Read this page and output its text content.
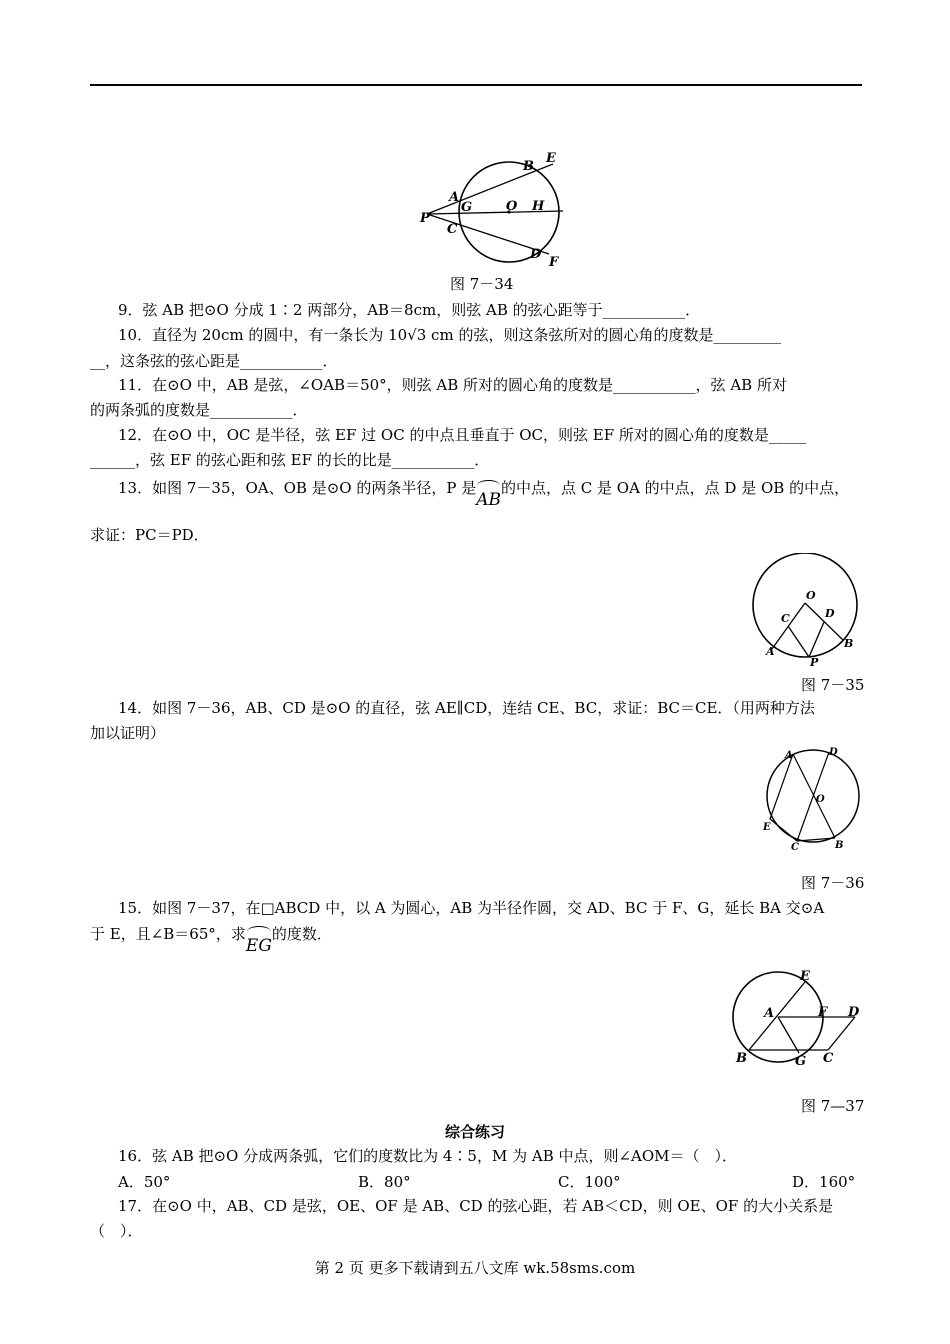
A
B
E
G	O H
P
C
D
F
图 7－34
9．弦 AB 把⊙O 分成 1∶2 两部分，AB＝8cm，则弦 AB 的弦心距等于___________．
10．直径为 20cm 的圆中，有一条长为 10√3 cm 的弦，则这条弦所对的圆心角的度数是_________
__，这条弦的弦心距是___________．
11．在⊙O 中，AB 是弦，∠OAB＝50°，则弦 AB 所对的圆心角的度数是___________，弦 AB 所对
的两条弧的度数是___________．
12．在⊙O 中，OC 是半径，弦 EF 过 OC 的中点且垂直于 OC，则弦 EF 所对的圆心角的度数是_____
______，弦 EF 的弦心距和弦 EF 的长的比是___________．
13．如图 7－35，OA、OB 是⊙O 的两条半径，P 是AB的中点，点 C 是 OA 的中点，点 D 是 OB 的中点，
求证：PC＝PD．
O
C	D
A
B
P
图 7－35
14．如图 7－36，AB、CD 是⊙O 的直径，弦 AE∥CD，连结 CE、BC，求证：BC＝CE．（用两种方法
加以证明）
A	D
O
E
C	B
图 7－36
15．如图 7－37，在□ABCD 中，以 A 为圆心，AB 为半径作圆，交 AD、BC 于 F、G，延长 BA 交⊙A
于 E，且∠B＝65°，求EG的度数．
E
A	F D
B	G C
图 7—37
综合练习
16．弦 AB 把⊙O 分成两条弧，它们的度数比为 4∶5，M 为 AB 中点，则∠AOM＝（　）．
A．50°	B．80°	C．100°	D．160°
17．在⊙O 中，AB、CD 是弦，OE、OF 是 AB、CD 的弦心距，若 AB＜CD，则 OE、OF 的大小关系是
（　）．
第 2 页 更多下载请到五八文库 wk.58sms.com
